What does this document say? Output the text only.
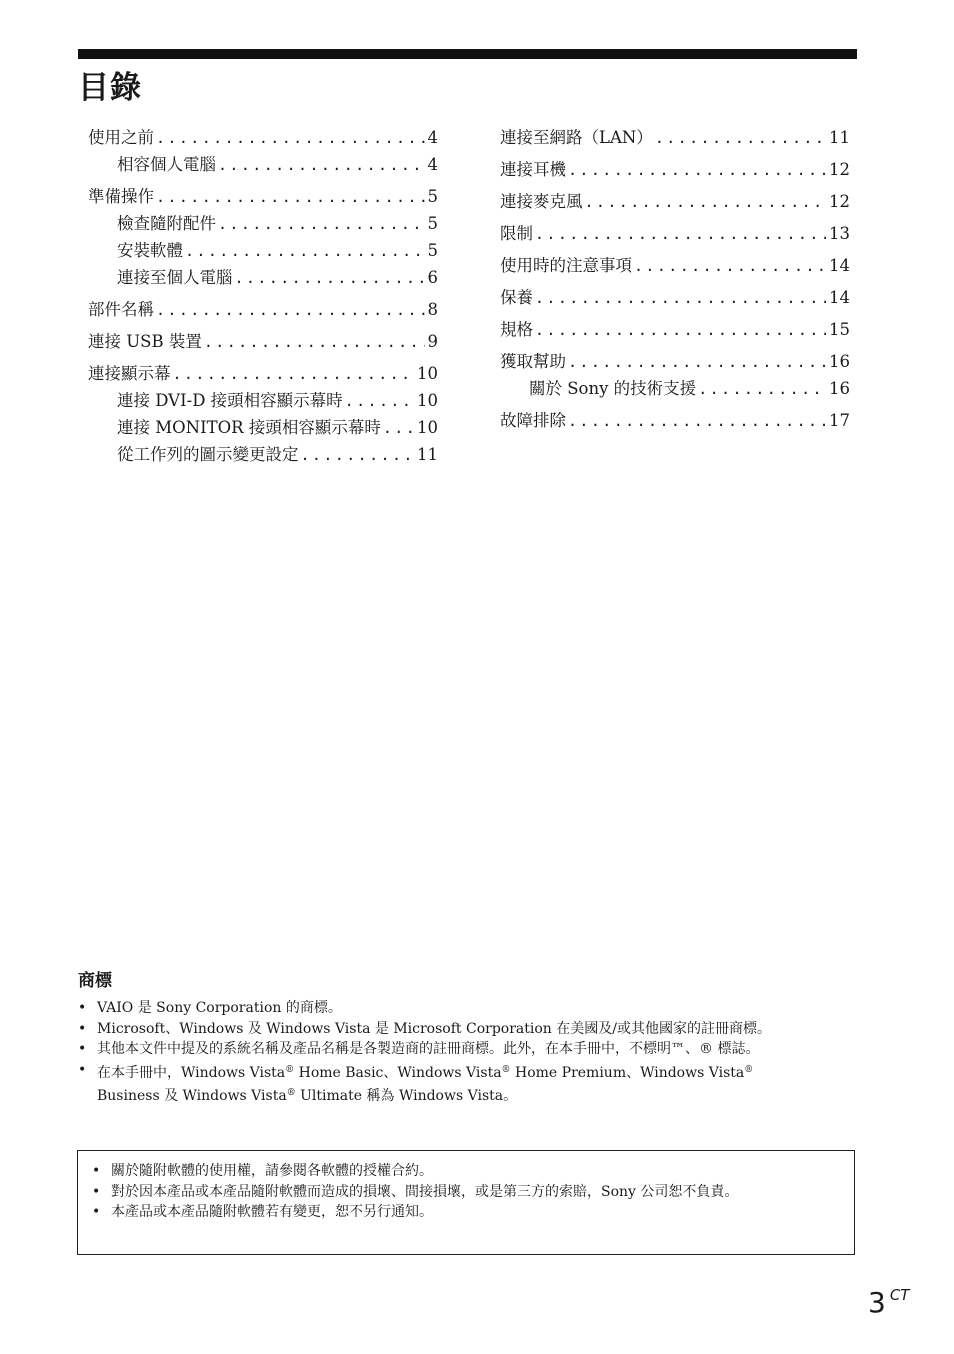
目錄
使用之前 .....	4
相容個人電腦 .....	4
準備操作 .....	5
檢查隨附配件 .....	5
安裝軟體 .....	5
連接至個人電腦 .....	6
部件名稱 .....	8
連接 USB 裝置 .....	9
連接顯示幕 .....	10
連接 DVI-D 接頭相容顯示幕時 .....	10
連接 MONITOR 接頭相容顯示幕時 ..... 10
從工作列的圖示變更設定 .....	11
連接至網路（LAN） .....	11
連接耳機 .....	12
連接麥克風 .....	12
限制 .....	13
使用時的注意事項 .....	14
保養 .....	14
規格 .....	15
獲取幫助 .....	16
關於 Sony 的技術支援 .....	16
故障排除 .....	17
商標
• VAIO 是 Sony Corporation 的商標。
• Microsoft、Windows 及 Windows Vista 是 Microsoft Corporation 在美國及/或其他國家的註冊商標。
• 其他本文件中提及的系統名稱及產品名稱是各製造商的註冊商標。此外，在本手冊中，不標明™、® 標誌。
• 在本手冊中，Windows Vista® Home Basic、Windows Vista® Home Premium、Windows Vista®
Business 及 Windows Vista® Ultimate 稱為 Windows Vista。
• 關於隨附軟體的使用權，請參閱各軟體的授權合約。
• 對於因本產品或本產品隨附軟體而造成的損壞、間接損壞，或是第三方的索賠，Sony 公司恕不負責。
• 本產品或本產品隨附軟體若有變更，恕不另行通知。
3 CT
